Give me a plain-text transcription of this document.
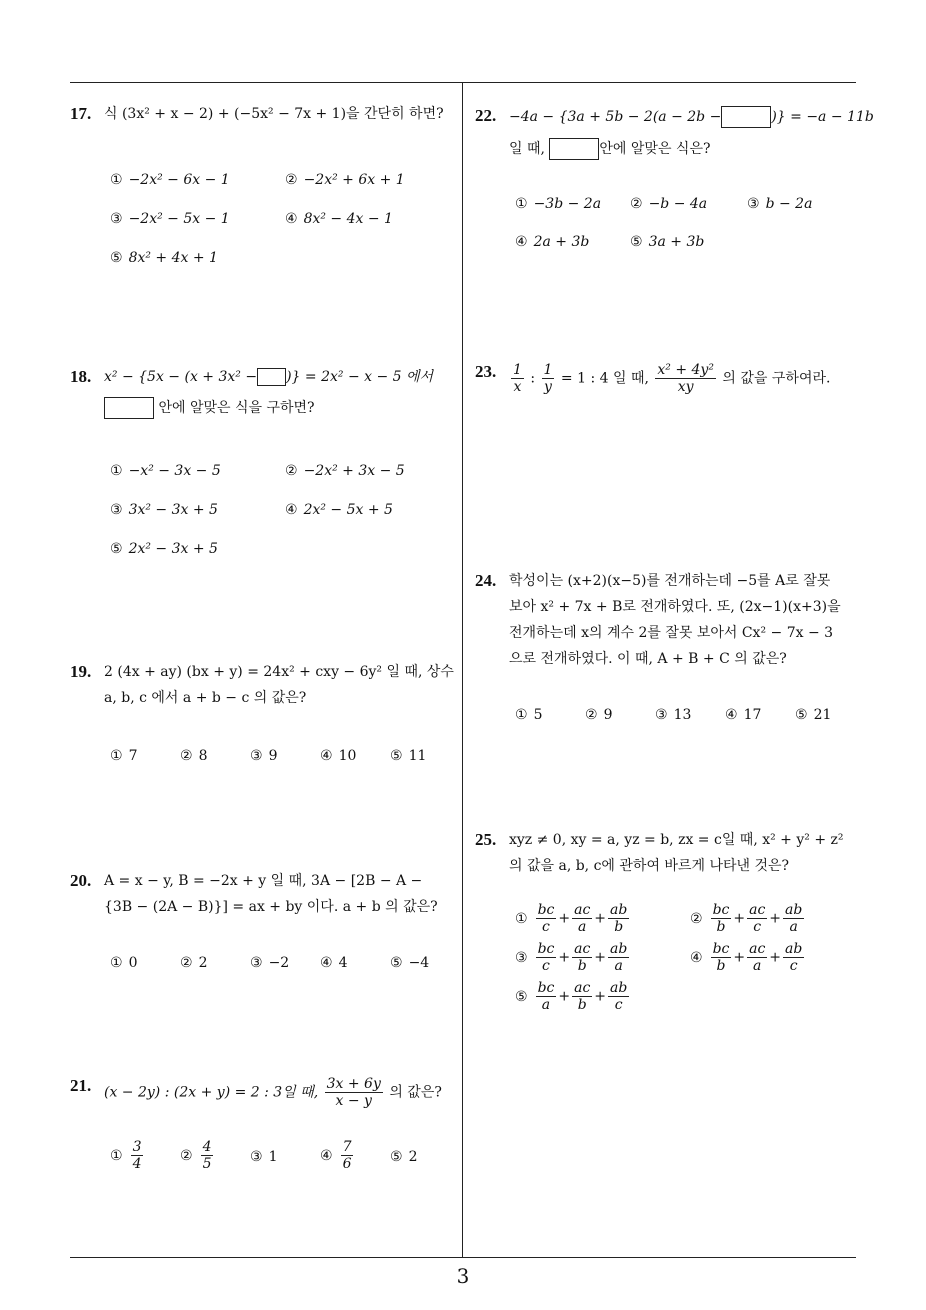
17. 식 (3x² + x − 2) + (−5x² − 7x + 1)을 간단히 하면?
① −2x² − 6x − 1	② −2x² + 6x + 1
③ −2x² − 5x − 1	④ 8x² − 4x − 1
⑤ 8x² + 4x + 1
18. x² − {5x − (x + 3x² − )} = 2x² − x − 5 에서
안에 알맞은 식을 구하면?
① −x² − 3x − 5	② −2x² + 3x − 5
③ 3x² − 3x + 5	④ 2x² − 5x + 5
⑤ 2x² − 3x + 5
19. 2 (4x + ay) (bx + y) = 24x² + cxy − 6y² 일 때, 상수
a, b, c 에서 a + b − c 의 값은?
① 7	② 8	③ 9	④ 10 ⑤ 11
20. A = x − y, B = −2x + y 일 때, 3A − [2B − A −
{3B − (2A − B)}] = ax + by 이다. a + b 의 값은?
① 0	② 2	③ −2 ④ 4	⑤ −4
21. (x − 2y) : (2x + y) = 2 : 3일 때, $\frac{3x + 6y}{x - y}$ 의 값은?
① $\frac{3}{4}$	② $\frac{4}{5}$	③ 1	④ $\frac{7}{6}$	⑤ 2
22. −4a − {3a + 5b − 2(a − 2b −	)} = −a − 11b
일 때,	안에 알맞은 식은?
① −3b − 2a ② −b − 4a	③ b − 2a
④ 2a + 3b	⑤ 3a + 3b
23. $\frac{1}{x}$ : $\frac{1}{y} = 1$ : 4 일 때, $\frac{\text{x² + 4y²}}{xy}$ 의 값을 구하여라.
24. 학성이는 (x+2)(x−5)를 전개하는데 −5를 A로 잘못
보아 x² + 7x + B로 전개하였다. 또, (2x−1)(x+3)을
전개하는데 x의 계수 2를 잘못 보아서 Cx² − 7x − 3
으로 전개하였다. 이 때, A + B + C 의 값은?
① 5	② 9	③ 13 ④ 17 ⑤ 21
25. xyz ≠ 0, xy = a, yz = b, zx = c일 때, x² + y² + z²
의 값을 a, b, c에 관하여 바르게 나타낸 것은?
① $\frac{bc}{c} + \frac{ac}{a} + \frac{ab}{b}$	② $\frac{bc}{b} + \frac{ac}{c} + \frac{ab}{a}$
③ $\frac{bc}{c} + \frac{ac}{b} + \frac{ab}{a}$	④ $\frac{bc}{b} + \frac{ac}{a} + \frac{ab}{c}$
⑤ $\frac{bc}{a} + \frac{ac}{b} + \frac{ab}{c}$
3
